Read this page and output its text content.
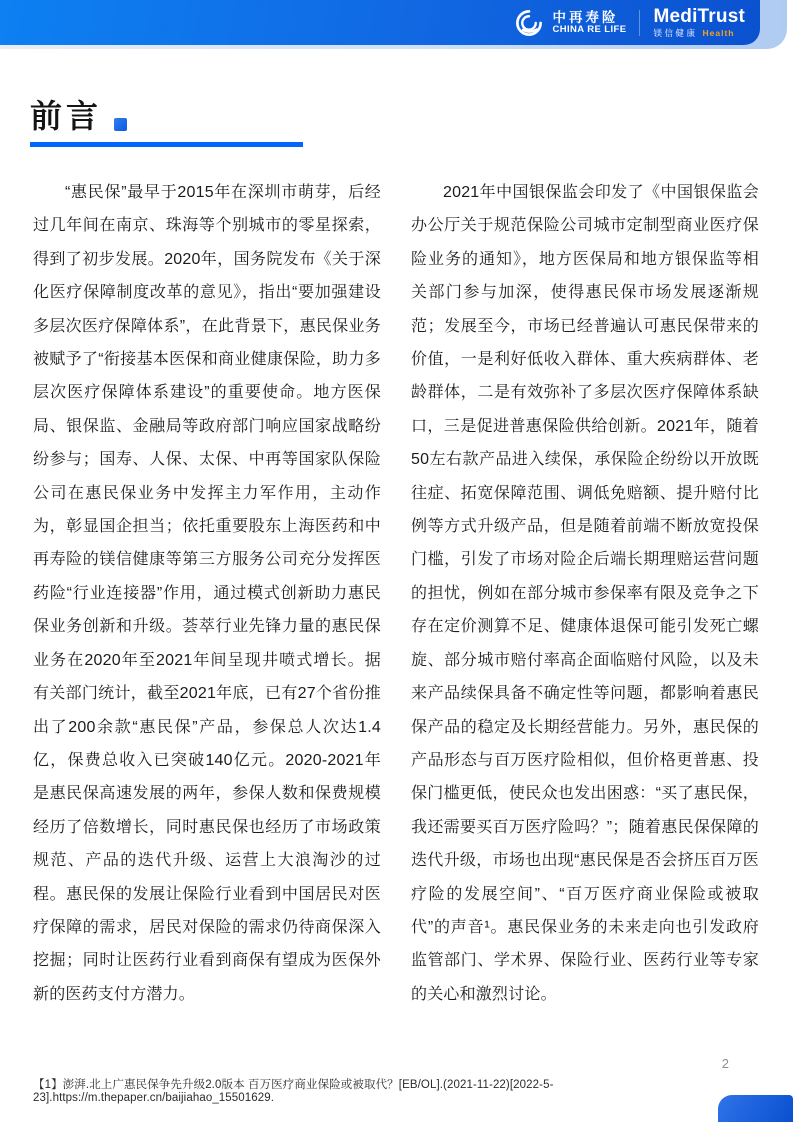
中再寿险
CHINA RE LIFE
MediTrust
镁信健康 Health
前言

“惠民保”最早于2015年在深圳市萌芽，后经过几年间在南京、珠海等个别城市的零星探索，得到了初步发展。2020年，国务院发布《关于深化医疗保障制度改革的意见》，指出“要加强建设多层次医疗保障体系”，在此背景下，惠民保业务被赋予了“衔接基本医保和商业健康保险，助力多层次医疗保障体系建设”的重要使命。地方医保局、银保监、金融局等政府部门响应国家战略纷纷参与；国寿、人保、太保、中再等国家队保险公司在惠民保业务中发挥主力军作用，主动作为，彰显国企担当；依托重要股东上海医药和中再寿险的镁信健康等第三方服务公司充分发挥医药险“行业连接器”作用，通过模式创新助力惠民保业务创新和升级。荟萃行业先锋力量的惠民保业务在2020年至2021年间呈现井喷式增长。据有关部门统计，截至2021年底，已有27个省份推出了200余款“惠民保”产品，参保总人次达1.4亿，保费总收入已突破140亿元。2020-2021年是惠民保高速发展的两年，参保人数和保费规模经历了倍数增长，同时惠民保也经历了市场政策规范、产品的迭代升级、运营上大浪淘沙的过程。惠民保的发展让保险行业看到中国居民对医疗保障的需求，居民对保险的需求仍待商保深入挖掘；同时让医药行业看到商保有望成为医保外新的医药支付方潜力。

2021年中国银保监会印发了《中国银保监会办公厅关于规范保险公司城市定制型商业医疗保险业务的通知》，地方医保局和地方银保监等相关部门参与加深，使得惠民保市场发展逐渐规范；发展至今，市场已经普遍认可惠民保带来的价值，一是利好低收入群体、重大疾病群体、老龄群体，二是有效弥补了多层次医疗保障体系缺口，三是促进普惠保险供给创新。2021年，随着50左右款产品进入续保，承保险企纷纷以开放既往症、拓宽保障范围、调低免赔额、提升赔付比例等方式升级产品，但是随着前端不断放宽投保门槛，引发了市场对险企后端长期理赔运营问题的担忧，例如在部分城市参保率有限及竞争之下存在定价测算不足、健康体退保可能引发死亡螺旋、部分城市赔付率高企面临赔付风险，以及未来产品续保具备不确定性等问题，都影响着惠民保产品的稳定及长期经营能力。另外，惠民保的产品形态与百万医疗险相似，但价格更普惠、投保门槛更低，使民众也发出困惑：“买了惠民保，我还需要买百万医疗险吗？”；随着惠民保保障的迭代升级，市场也出现“惠民保是否会挤压百万医疗险的发展空间”、“百万医疗商业保险或被取代”的声音¹。惠民保业务的未来走向也引发政府监管部门、学术界、保险行业、医药行业等专家的关心和激烈讨论。

2
【1】澎湃.北上广惠民保争先升级2.0版本 百万医疗商业保险或被取代？[EB/OL].(2021-11-22)[2022-5-23].https://m.thepaper.cn/baijiahao_15501629.
